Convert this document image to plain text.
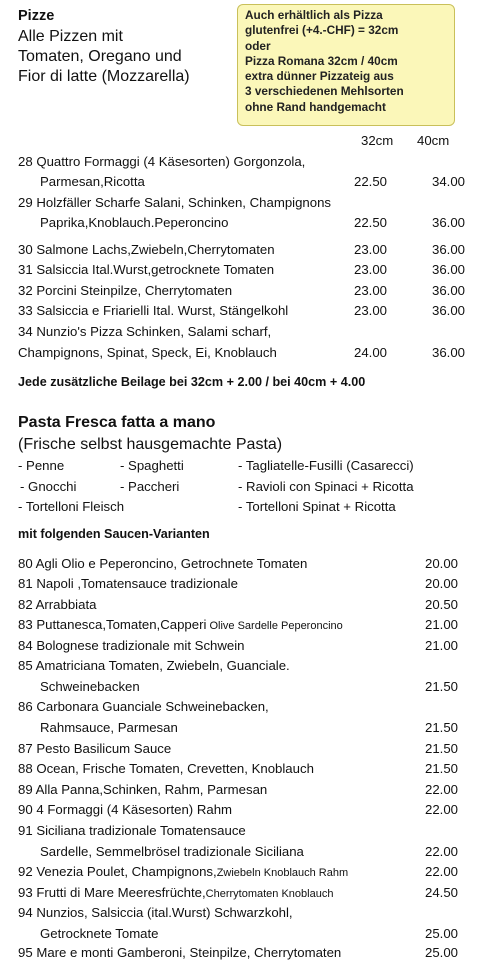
Pizze
Alle Pizzen mit
Tomaten, Oregano und
Fior di latte (Mozzarella)
Auch erhältlich als Pizza
glutenfrei (+4.-CHF) = 32cm
oder
Pizza Romana 32cm / 40cm
extra dünner Pizzateig aus
3 verschiedenen Mehlsorten
ohne Rand handgemacht
32cm 40cm
28 Quattro Formaggi (4 Käsesorten) Gorgonzola,
Parmesan,Ricotta	22.50	34.00
29 Holzfäller Scharfe Salani, Schinken, Champignons
Paprika,Knoblauch.Peperoncino	22.50	36.00
30 Salmone Lachs,Zwiebeln,Cherrytomaten	23.00	36.00
31 Salsiccia Ital.Wurst,getrocknete Tomaten	23.00	36.00
32 Porcini Steinpilze, Cherrytomaten	23.00	36.00
33 Salsiccia e Friarielli Ital. Wurst, Stängelkohl	23.00	36.00
34 Nunzio's Pizza Schinken, Salami scharf,
Champignons, Spinat, Speck, Ei, Knoblauch	24.00	36.00
Jede zusätzliche Beilage bei 32cm + 2.00 / bei 40cm + 4.00
Pasta Fresca fatta a mano
(Frische selbst hausgemachte Pasta)
- Penne	- Spaghetti	- Tagliatelle-Fusilli (Casarecci)
- Gnocchi	- Paccheri	- Ravioli con Spinaci + Ricotta
- Tortelloni Fleisch	- Tortelloni Spinat + Ricotta
mit folgenden Saucen-Varianten
80 Agli Olio e Peperoncino, Getrochnete Tomaten	20.00
81 Napoli ,Tomatensauce tradizionale	20.00
82 Arrabbiata	20.50
83 Puttanesca,Tomaten,Capperi Olive Sardelle Peperoncino	21.00
84 Bolognese tradizionale mit Schwein	21.00
85 Amatriciana Tomaten, Zwiebeln, Guanciale.
Schweinebacken	21.50
86 Carbonara Guanciale Schweinebacken,
Rahmsauce, Parmesan	21.50
87 Pesto Basilicum Sauce	21.50
88 Ocean, Frische Tomaten, Crevetten, Knoblauch	21.50
89 Alla Panna,Schinken, Rahm, Parmesan	22.00
90 4 Formaggi (4 Käsesorten) Rahm	22.00
91 Siciliana tradizionale Tomatensauce
Sardelle, Semmelbrösel tradizionale Siciliana	22.00
92 Venezia Poulet, Champignons,Zwiebeln Knoblauch Rahm	22.00
93 Frutti di Mare Meeresfrüchte,Cherrytomaten Knoblauch	24.50
94 Nunzios, Salsiccia (ital.Wurst) Schwarzkohl,
Getrocknete Tomate	25.00
95 Mare e monti Gamberoni, Steinpilze, Cherrytomaten	25.00
